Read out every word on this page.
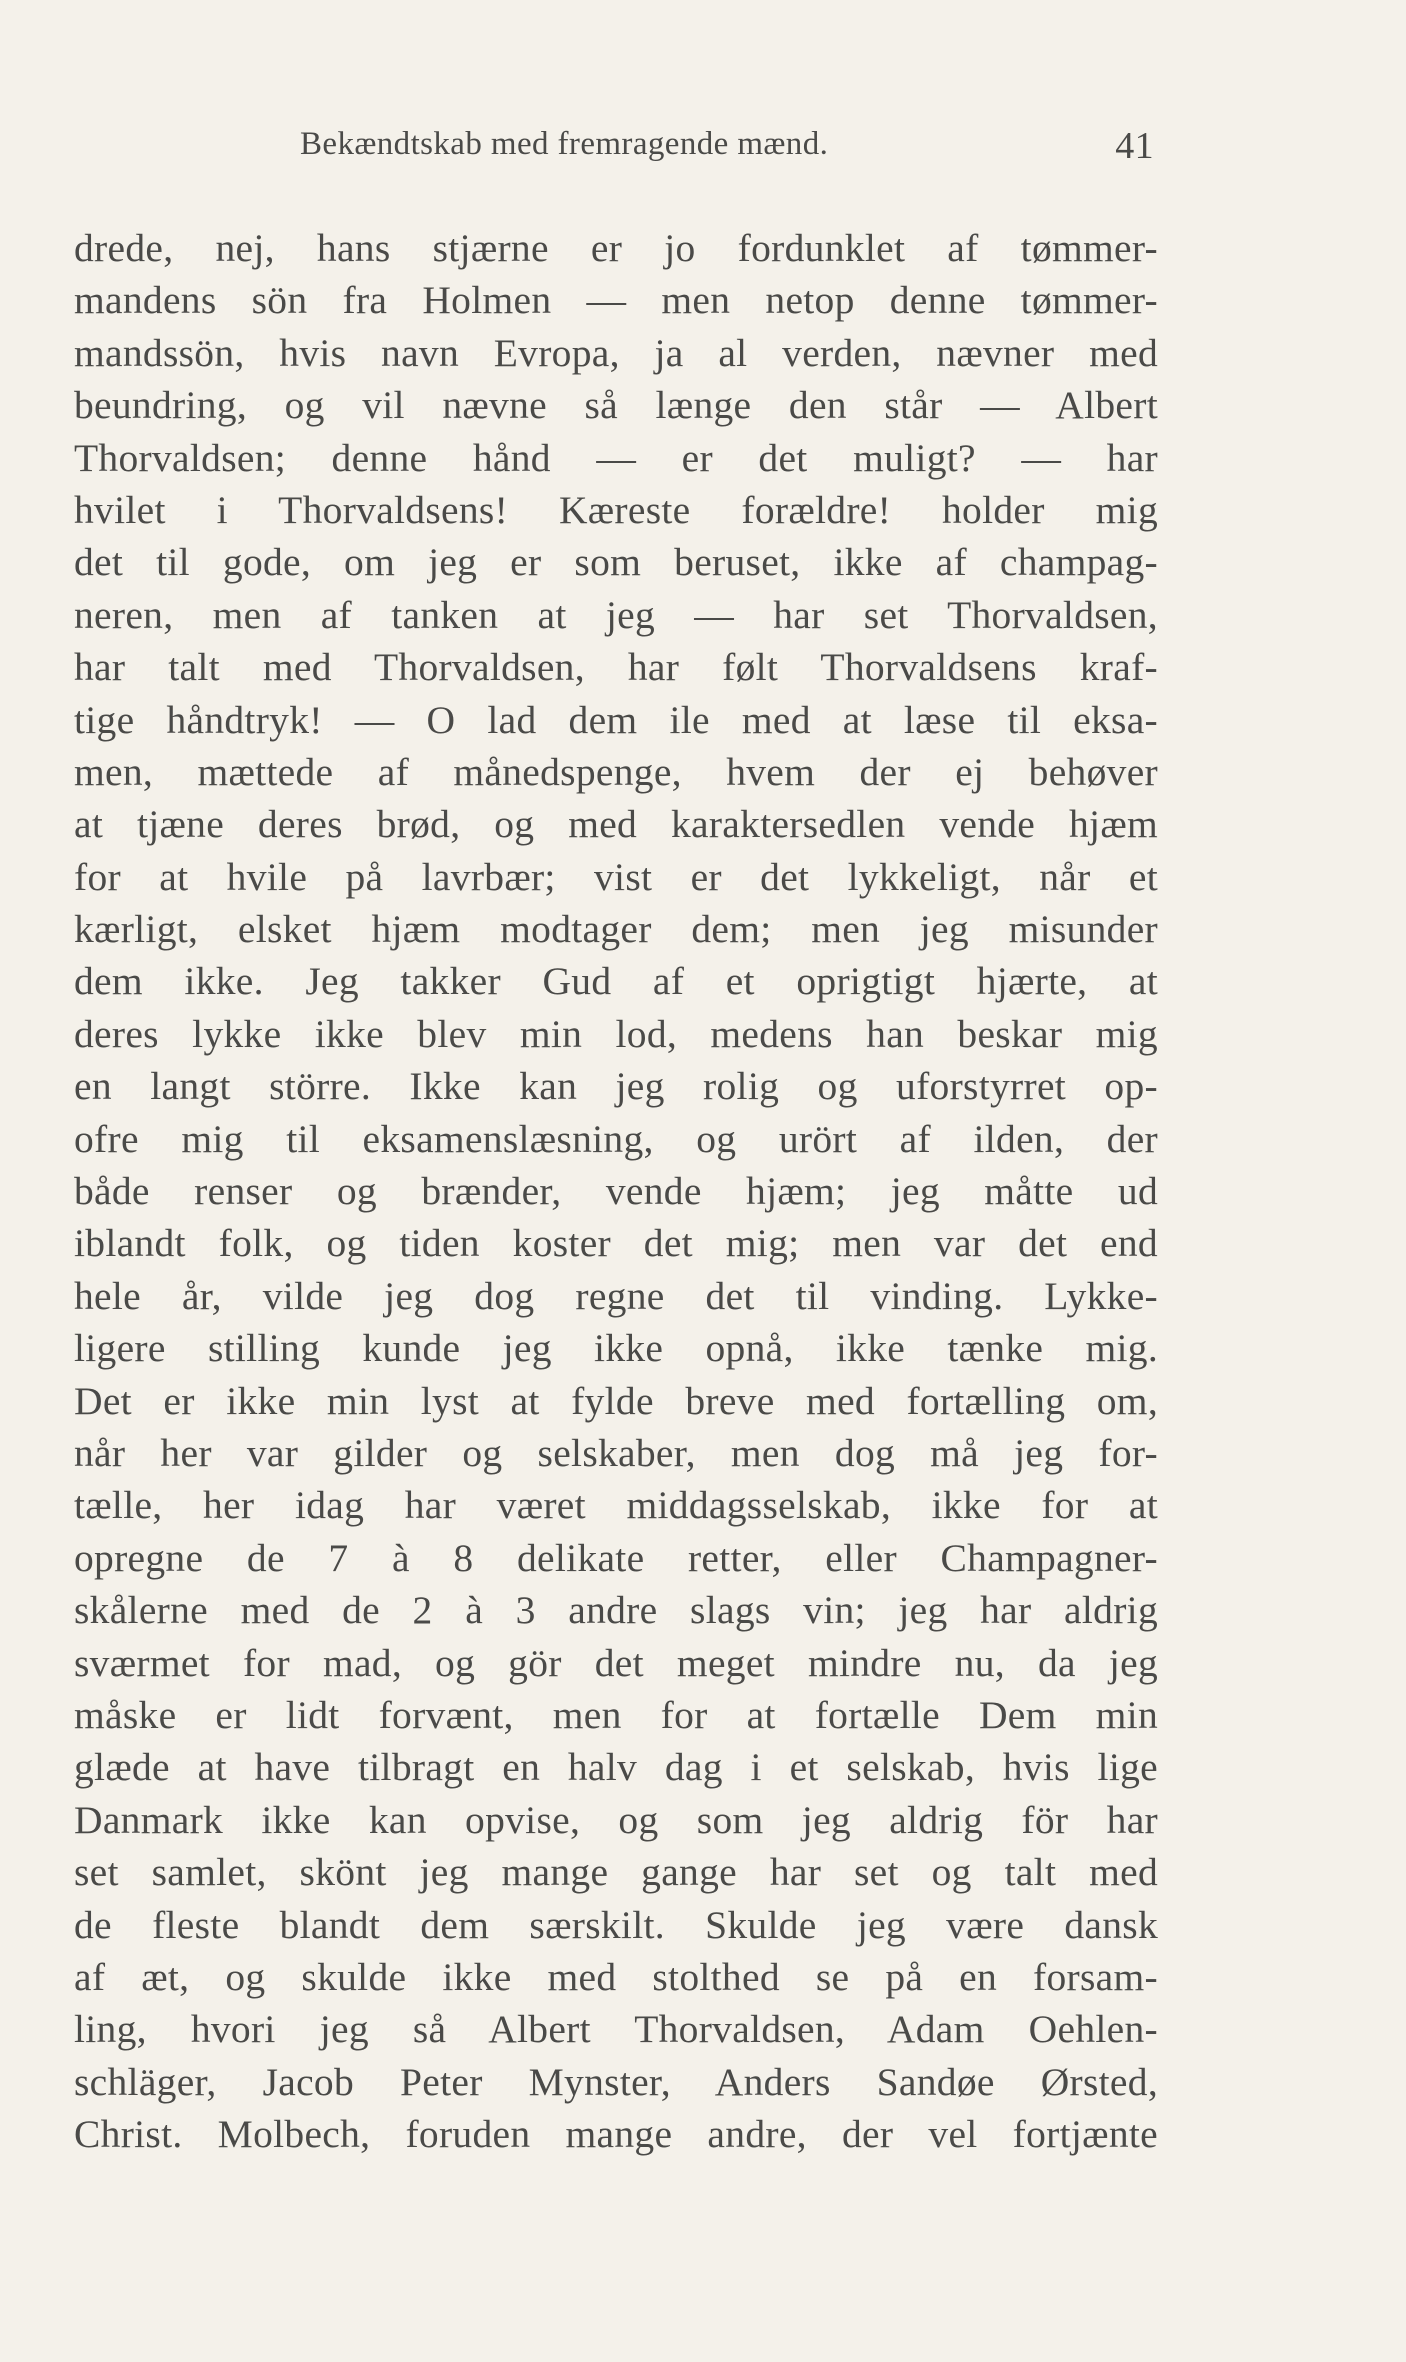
Bekændtskab med fremragende mænd.	41
drede, nej, hans stjærne er jo fordunklet af tømmer-
mandens sön fra Holmen — men netop denne tømmer-
mandssön, hvis navn Evropa, ja al verden, nævner med
beundring, og vil nævne så længe den står — Albert
Thorvaldsen; denne hånd — er det muligt? — har
hvilet i Thorvaldsens! Kæreste forældre! holder mig
det til gode, om jeg er som beruset, ikke af champag-
neren, men af tanken at jeg — har set Thorvaldsen,
har talt med Thorvaldsen, har følt Thorvaldsens kraf-
tige håndtryk! — O lad dem ile med at læse til eksa-
men, mættede af månedspenge, hvem der ej behøver
at tjæne deres brød, og med karaktersedlen vende hjæm
for at hvile på lavrbær; vist er det lykkeligt, når et
kærligt, elsket hjæm modtager dem; men jeg misunder
dem ikke. Jeg takker Gud af et oprigtigt hjærte, at
deres lykke ikke blev min lod, medens han beskar mig
en langt större. Ikke kan jeg rolig og uforstyrret op-
ofre mig til eksamenslæsning, og urört af ilden, der
både renser og brænder, vende hjæm; jeg måtte ud
iblandt folk, og tiden koster det mig; men var det end
hele år, vilde jeg dog regne det til vinding. Lykke-
ligere stilling kunde jeg ikke opnå, ikke tænke mig.
Det er ikke min lyst at fylde breve med fortælling om,
når her var gilder og selskaber, men dog må jeg for-
tælle, her idag har været middagsselskab, ikke for at
opregne de 7 à 8 delikate retter, eller Champagner-
skålerne med de 2 à 3 andre slags vin; jeg har aldrig
sværmet for mad, og gör det meget mindre nu, da jeg
måske er lidt forvænt, men for at fortælle Dem min
glæde at have tilbragt en halv dag i et selskab, hvis lige
Danmark ikke kan opvise, og som jeg aldrig för har
set samlet, skönt jeg mange gange har set og talt med
de fleste blandt dem særskilt. Skulde jeg være dansk
af æt, og skulde ikke med stolthed se på en forsam-
ling, hvori jeg så Albert Thorvaldsen, Adam Oehlen-
schläger, Jacob Peter Mynster, Anders Sandøe Ørsted,
Christ. Molbech, foruden mange andre, der vel fortjænte
